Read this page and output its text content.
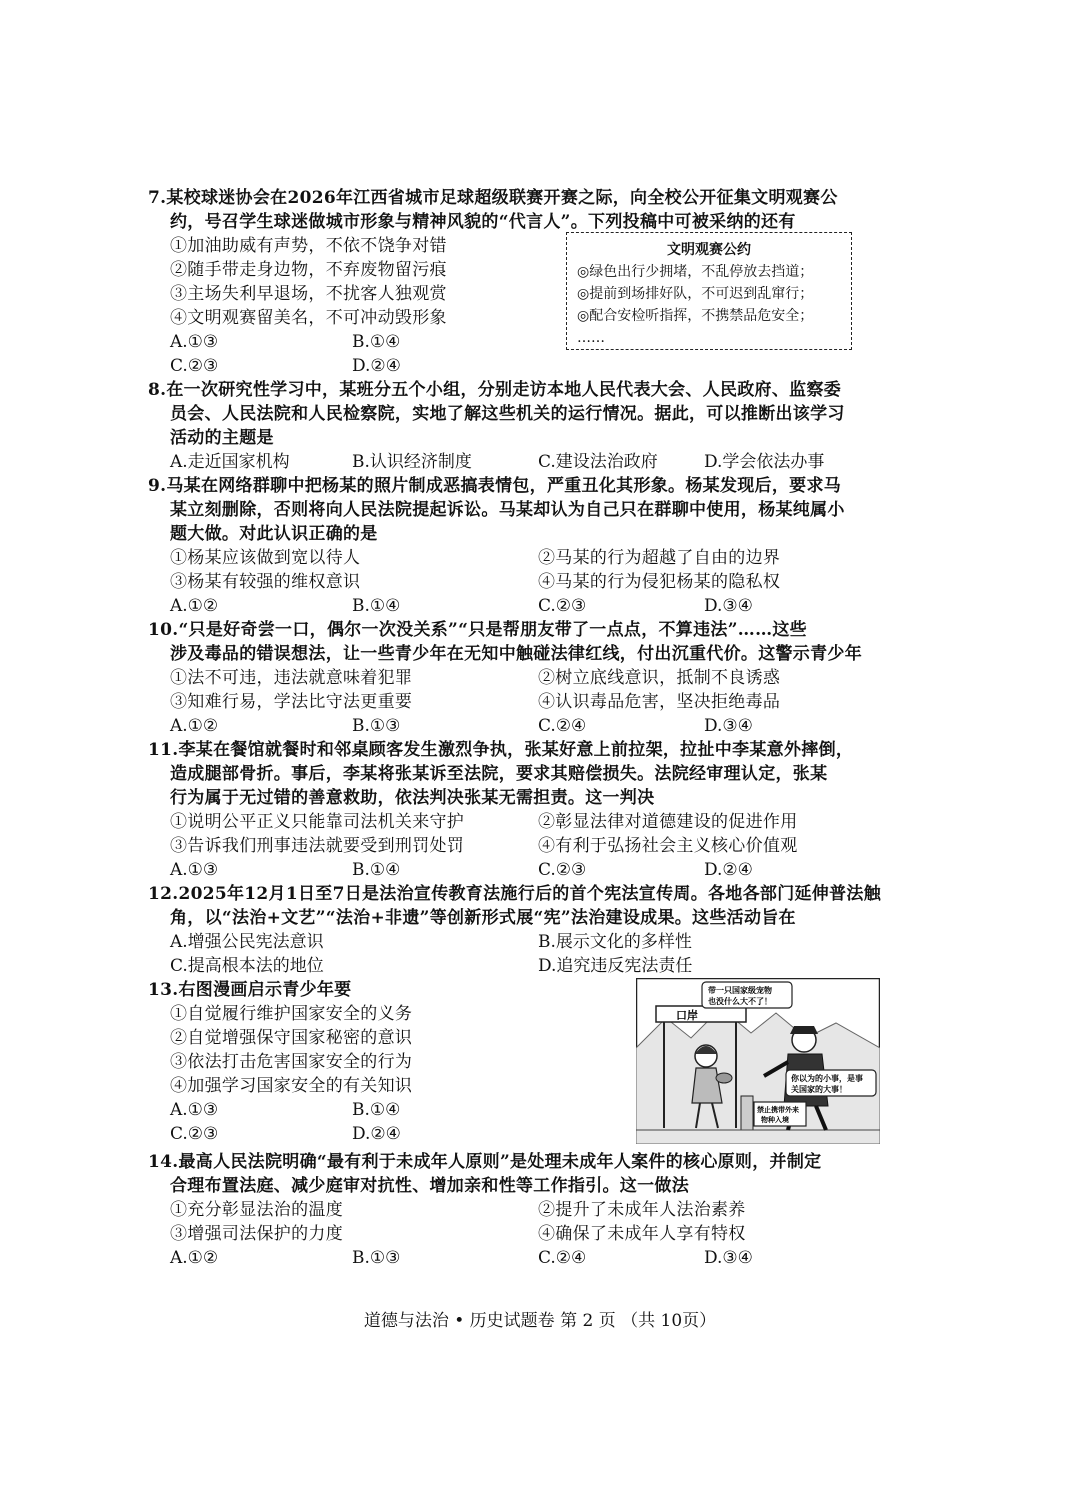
7.某校球迷协会在2026年江西省城市足球超级联赛开赛之际，向全校公开征集文明观赛公
约，号召学生球迷做城市形象与精神风貌的“代言人”。下列投稿中可被采纳的还有
①加油助威有声势，不依不饶争对错
②随手带走身边物，不弃废物留污痕
③主场失利早退场，不扰客人独观赏
④文明观赛留美名，不可冲动毁形象
A.①③	B.①④
C.②③	D.②④
文明观赛公约
◎绿色出行少拥堵，不乱停放去挡道；
◎提前到场排好队，不可迟到乱窜行；
◎配合安检听指挥，不携禁品危安全；
……
8.在一次研究性学习中，某班分五个小组，分别走访本地人民代表大会、人民政府、监察委
员会、人民法院和人民检察院，实地了解这些机关的运行情况。据此，可以推断出该学习
活动的主题是
A.走近国家机构	B.认识经济制度	C.建设法治政府	D.学会依法办事
9.马某在网络群聊中把杨某的照片制成恶搞表情包，严重丑化其形象。杨某发现后，要求马
某立刻删除，否则将向人民法院提起诉讼。马某却认为自己只在群聊中使用，杨某纯属小
题大做。对此认识正确的是
①杨某应该做到宽以待人	②马某的行为超越了自由的边界
③杨某有较强的维权意识	④马某的行为侵犯杨某的隐私权
A.①②	B.①④	C.②③	D.③④
10.“只是好奇尝一口，偶尔一次没关系”“只是帮朋友带了一点点，不算违法”……这些
涉及毒品的错误想法，让一些青少年在无知中触碰法律红线，付出沉重代价。这警示青少年
①法不可违，违法就意味着犯罪	②树立底线意识，抵制不良诱惑
③知难行易，学法比守法更重要	④认识毒品危害，坚决拒绝毒品
A.①②	B.①③	C.②④	D.③④
11.李某在餐馆就餐时和邻桌顾客发生激烈争执，张某好意上前拉架，拉扯中李某意外摔倒，
造成腿部骨折。事后，李某将张某诉至法院，要求其赔偿损失。法院经审理认定，张某
行为属于无过错的善意救助，依法判决张某无需担责。这一判决
①说明公平正义只能靠司法机关来守护	②彰显法律对道德建设的促进作用
③告诉我们刑事违法就要受到刑罚处罚	④有利于弘扬社会主义核心价值观
A.①③	B.①④	C.②③	D.②④
12.2025年12月1日至7日是法治宣传教育法施行后的首个宪法宣传周。各地各部门延伸普法触
角，以“法治+文艺”“法治+非遗”等创新形式展“宪”法治建设成果。这些活动旨在
A.增强公民宪法意识	B.展示文化的多样性
C.提高根本法的地位	D.追究违反宪法责任
13.右图漫画启示青少年要
①自觉履行维护国家安全的义务
②自觉增强保守国家秘密的意识
③依法打击危害国家安全的行为
④加强学习国家安全的有关知识
A.①③	B.①④
C.②③	D.②④
口岸
带一只国家级宠物
也没什么大不了！
你以为的小事，是事
关国家的大事！
禁止携带外来
物种入境
14.最高人民法院明确“最有利于未成年人原则”是处理未成年人案件的核心原则，并制定
合理布置法庭、减少庭审对抗性、增加亲和性等工作指引。这一做法
①充分彰显法治的温度	②提升了未成年人法治素养
③增强司法保护的力度	④确保了未成年人享有特权
A.①②	B.①③	C.②④	D.③④
道德与法治 • 历史试题卷 第 2 页 （共 10页）
